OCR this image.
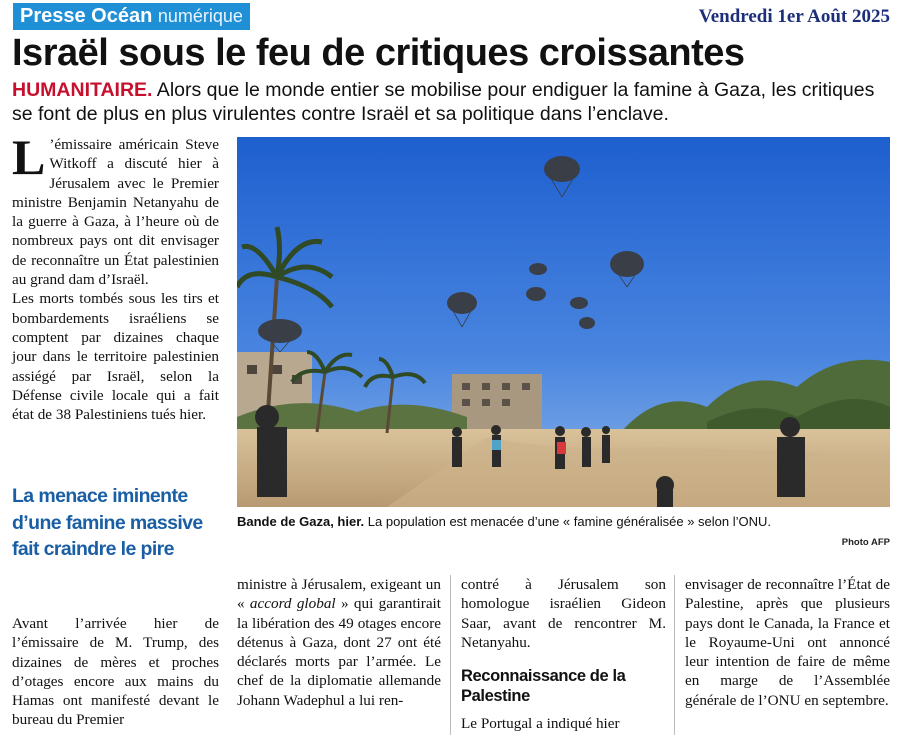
Presse Océan numérique	Vendredi 1er Août 2025
Israël sous le feu de critiques croissantes
HUMANITAIRE. Alors que le monde entier se mobilise pour endiguer la famine à Gaza, les critiques se font de plus en plus virulentes contre Israël et sa politique dans l’enclave.

L ’émissaire américain Steve Witkoff a discuté hier à Jérusalem avec le Premier ministre Benjamin Netanyahu de la guerre à Gaza, à l’heure où de nombreux pays ont dit envisager de reconnaître un État palestinien au grand dam d’Israël.

Les morts tombés sous les tirs et bombardements israéliens se comptent par dizaines chaque jour dans le territoire palestinien assiégé par Israël, selon la Défense civile locale qui a fait état de 38 Palestiniens tués hier.

La menace iminente d’une famine massive fait craindre le pire

Avant l’arrivée hier de l’émissaire de M. Trump, des dizaines de mères et proches d’otages encore aux mains du Hamas ont manifesté devant le bureau du Premier

ministre à Jérusalem, exigeant un « accord global » qui garantirait la libération des 49 otages encore détenus à Gaza, dont 27 ont été déclarés morts par l’armée. Le chef de la diplomatie allemande Johann Wadephul a lui ren-

contré à Jérusalem son homologue israélien Gideon Saar, avant de rencontrer M. Netanyahu.

Reconnaissance de la Palestine

Le Portugal a indiqué hier

envisager de reconnaître l’État de Palestine, après que plusieurs pays dont le Canada, la France et le Royaume-Uni ont annoncé leur intention de faire de même en marge de l’Assemblée générale de l’ONU en septembre.

Bande de Gaza, hier. La population est menacée d’une « famine généralisée » selon l’ONU.
Photo AFP
